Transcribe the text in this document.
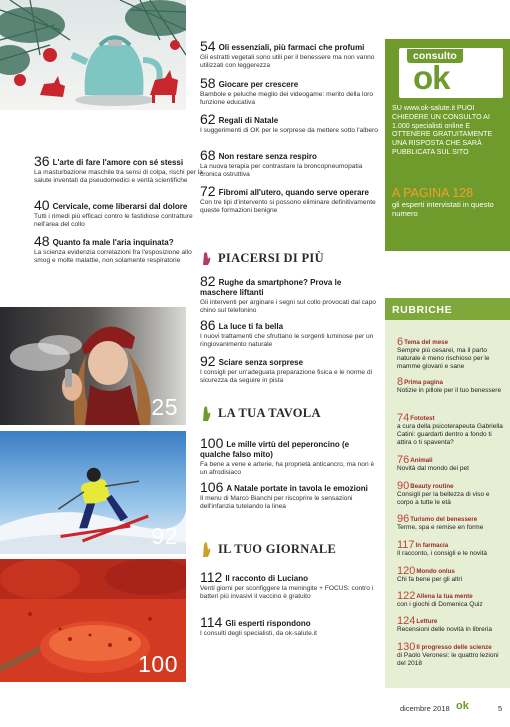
36 L'arte di fare l'amore con sé stessi
La masturbazione maschile tra sensi di colpa, rischi per la salute inventati da pseudomedici e verità scientifiche
40 Cervicale, come liberarsi dal dolore
Tutti i rimedi più efficaci contro le fastidiose contratture nell'area del collo
48 Quanto fa male l'aria inquinata?
La scienza evidenzia correlazioni fra l'esposizione allo smog e molte malattie, non solamente respiratorie
25
92
100
54 Oli essenziali, più farmaci che profumi
Gli estratti vegetali sono utili per il benessere ma non vanno utilizzati con leggerezza
58 Giocare per crescere
Bambole e peluche meglio dei videogame: merito della loro funzione educativa
62 Regali di Natale
I suggerimenti di OK per le sorprese da mettere sotto l'albero
68 Non restare senza respiro
La nuova terapia per contrastare la broncopneumopatia cronica ostruttiva
72 Fibromi all'utero, quando serve operare
Con tre tipi d'intervento si possono eliminare definitivamente queste formazioni benigne
PIACERSI DI PIÙ
82 Rughe da smartphone? Prova le maschere liftanti
Gli interventi per arginare i segni sul collo provocati dal capo chino sul telefonino
86 La luce ti fa bella
I nuovi trattamenti che sfruttano le sorgenti luminose per un ringiovanimento naturale
92 Sciare senza sorprese
I consigli per un'adeguata preparazione fisica e le norme di sicurezza da seguire in pista
LA TUA TAVOLA
100 Le mille virtù del peperoncino (e qualche falso mito)
Fa bene a vene e arterie, ha proprietà anticancro, ma non è un afrodisiaco
106 A Natale portate in tavola le emozioni
Il menu di Marco Bianchi per riscoprire le sensazioni dell'infanzia tutelando la linea
IL TUO GIORNALE
112 Il racconto di Luciano
Venti giorni per sconfiggere la meningite + FOCUS: contro i batteri più invasivi il vaccino è gratuito
114 Gli esperti rispondono
I consulti degli specialisti, da ok-salute.it
consulto
ok
SU www.ok-salute.it PUOI CHIEDERE UN CONSULTO AI 1.000 specialisti online E OTTENERE GRATUITAMENTE UNA RISPOSTA CHE SARÀ PUBBLICATA SUL SITO
A PAGINA 128
gli esperti intervistati in questo numero
RUBRICHE
6Tema del mese
Sempre più cesarei, ma il parto naturale è meno rischioso per le mamme giovani e sane
8Prima pagina
Notizie in pillole per il tuo benessere
74Fototest
a cura della psicoterapeuta Gabriella Catini: guardarti dentro a fondo ti attira o ti spaventa?
76Animali
Novità dal mondo dei pet
90Beauty routine
Consigli per la bellezza di viso e corpo a tutte le età
96Turismo del benessere
Terme, spa e remise en forme
117In farmacia
Il racconto, i consigli e le novità
120Mondo onlus
Chi fa bene per gli altri
122Allena la tua mente
con i giochi di Domenica Quiz
124Letture
Recensioni delle novità in libreria
130Il progresso delle scienze
di Paolo Veronesi: le quattro lezioni del 2018
dicembre 2018 ok	5
